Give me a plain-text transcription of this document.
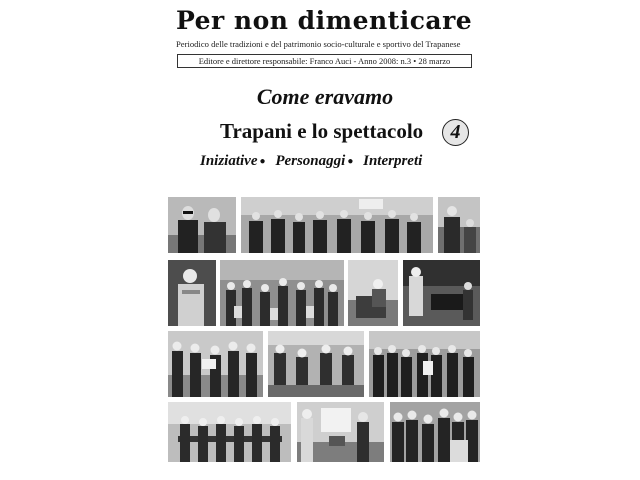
Per non dimenticare
Periodico delle tradizioni e del patrimonio socio-culturale e sportivo del Trapanese
Editore e direttore responsabile: Franco Auci - Anno 2008: n.3 • 28 marzo
Come eravamo
Trapani e lo spettacolo	4
Iniziative ● Personaggi ● Interpreti
